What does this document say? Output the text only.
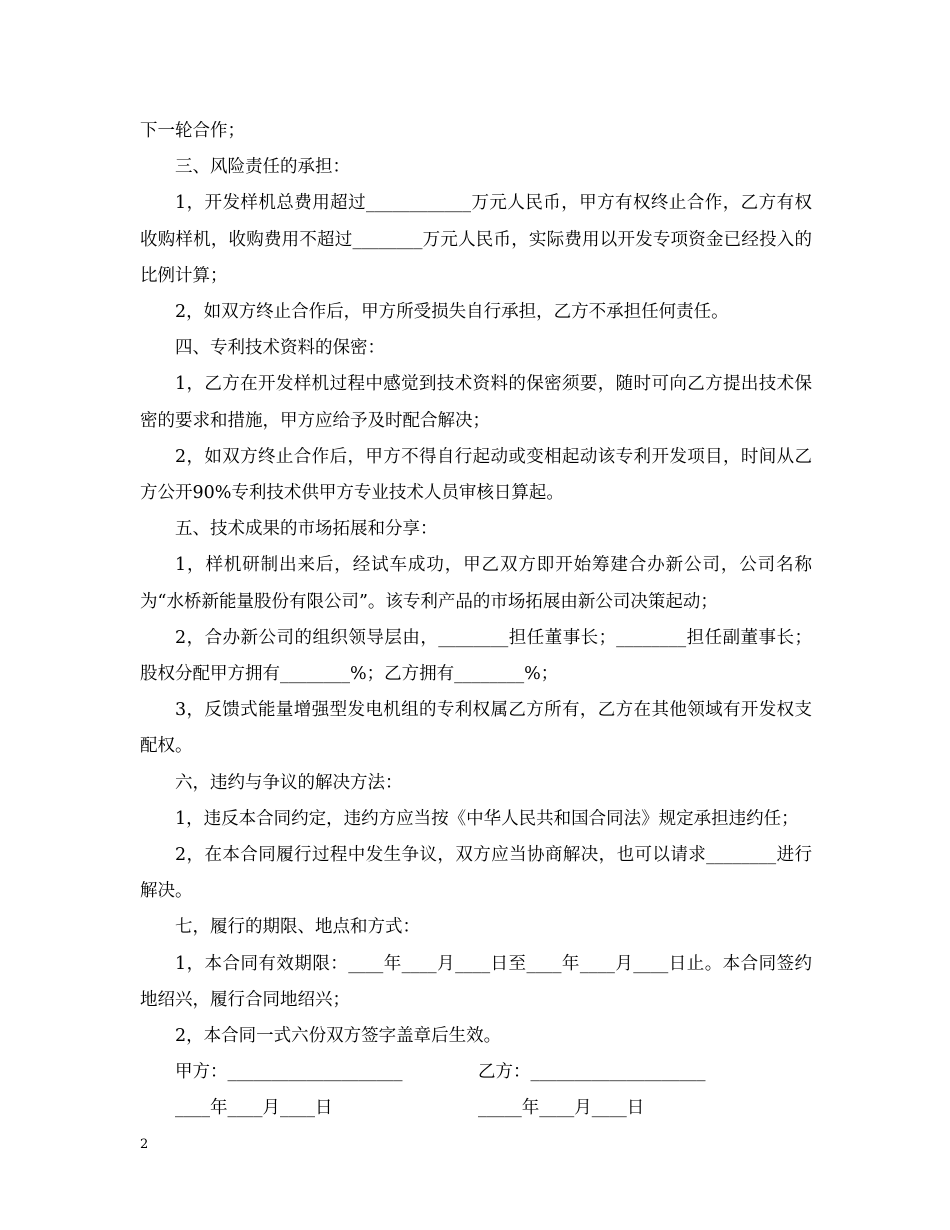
下一轮合作；

三、风险责任的承担：

1，开发样机总费用超过____________万元人民币，甲方有权终止合作，乙方有权收购样机，收购费用不超过________万元人民币，实际费用以开发专项资金已经投入的比例计算；

2，如双方终止合作后，甲方所受损失自行承担，乙方不承担任何责任。

四、专利技术资料的保密：

1，乙方在开发样机过程中感觉到技术资料的保密须要，随时可向乙方提出技术保密的要求和措施，甲方应给予及时配合解决；

2，如双方终止合作后，甲方不得自行起动或变相起动该专利开发项目，时间从乙方公开90%专利技术供甲方专业技术人员审核日算起。

五、技术成果的市场拓展和分享：

1，样机研制出来后，经试车成功，甲乙双方即开始筹建合办新公司，公司名称为“水桥新能量股份有限公司”。该专利产品的市场拓展由新公司决策起动；

2，合办新公司的组织领导层由，________担任董事长；________担任副董事长；股权分配甲方拥有________%；乙方拥有________%；

3，反馈式能量增强型发电机组的专利权属乙方所有，乙方在其他领域有开发权支配权。

六，违约与争议的解决方法：

1，违反本合同约定，违约方应当按《中华人民共和国合同法》规定承担违约任；

2，在本合同履行过程中发生争议，双方应当协商解决，也可以请求________进行解决。

七，履行的期限、地点和方式：

1，本合同有效期限：____年____月____日至____年____月____日止。本合同签约地绍兴，履行合同地绍兴；

2，本合同一式六份双方签字盖章后生效。

甲方：____________________	乙方：____________________
____年____月____日	_____年____月____日
2
